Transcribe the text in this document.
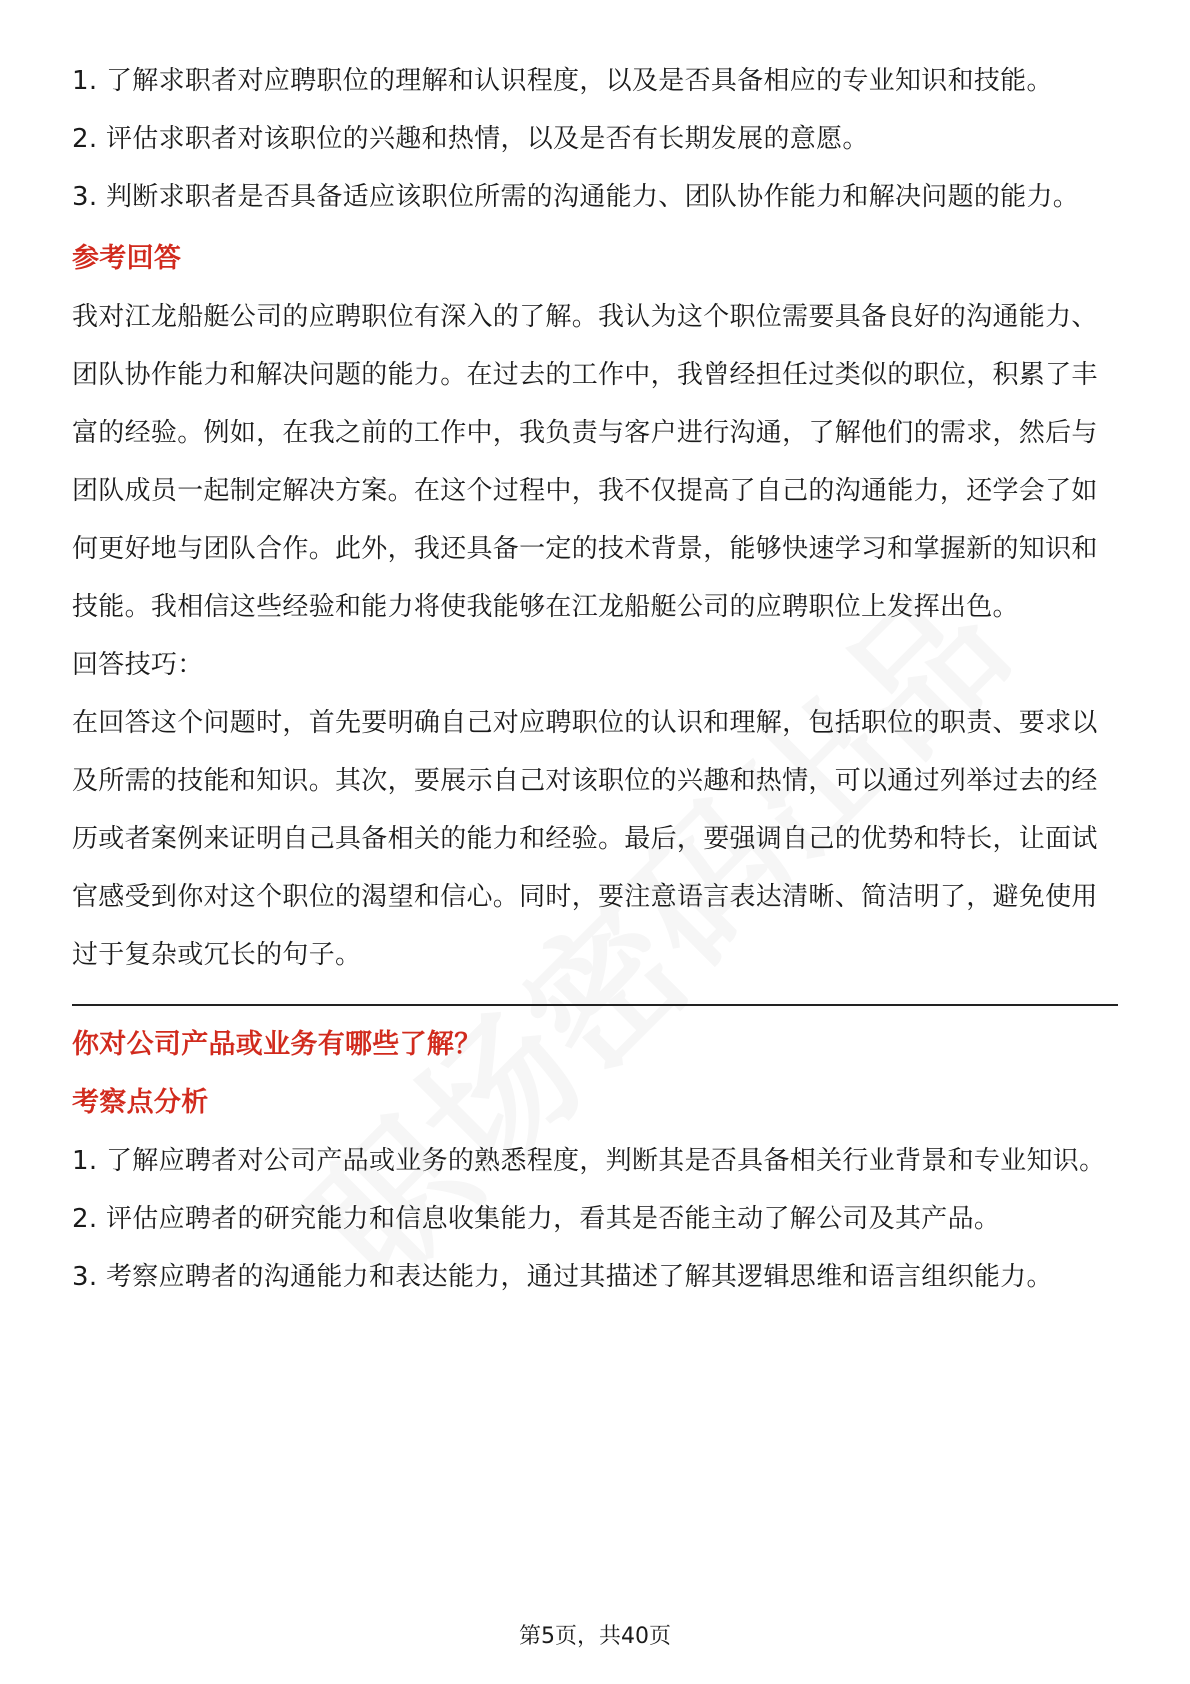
1. 了解求职者对应聘职位的理解和认识程度，以及是否具备相应的专业知识和技能。

2. 评估求职者对该职位的兴趣和热情，以及是否有长期发展的意愿。

3. 判断求职者是否具备适应该职位所需的沟通能力、团队协作能力和解决问题的能力。

参考回答

我对江龙船艇公司的应聘职位有深入的了解。我认为这个职位需要具备良好的沟通能力、团队协作能力和解决问题的能力。在过去的工作中，我曾经担任过类似的职位，积累了丰富的经验。例如，在我之前的工作中，我负责与客户进行沟通，了解他们的需求，然后与团队成员一起制定解决方案。在这个过程中，我不仅提高了自己的沟通能力，还学会了如何更好地与团队合作。此外，我还具备一定的技术背景，能够快速学习和掌握新的知识和技能。我相信这些经验和能力将使我能够在江龙船艇公司的应聘职位上发挥出色。

回答技巧：

在回答这个问题时，首先要明确自己对应聘职位的认识和理解，包括职位的职责、要求以及所需的技能和知识。其次，要展示自己对该职位的兴趣和热情，可以通过列举过去的经历或者案例来证明自己具备相关的能力和经验。最后，要强调自己的优势和特长，让面试官感受到你对这个职位的渴望和信心。同时，要注意语言表达清晰、简洁明了，避免使用过于复杂或冗长的句子。

你对公司产品或业务有哪些了解？

考察点分析

1. 了解应聘者对公司产品或业务的熟悉程度，判断其是否具备相关行业背景和专业知识。

2. 评估应聘者的研究能力和信息收集能力，看其是否能主动了解公司及其产品。

3. 考察应聘者的沟通能力和表达能力，通过其描述了解其逻辑思维和语言组织能力。

第5页，共40页
